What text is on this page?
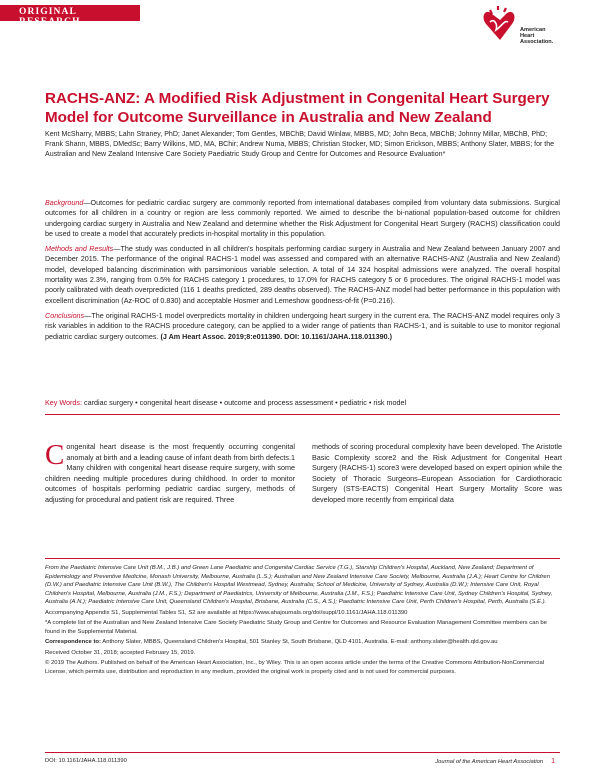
ORIGINAL RESEARCH
American
Heart
Association.
RACHS-ANZ: A Modified Risk Adjustment in Congenital Heart Surgery Model for Outcome Surveillance in Australia and New Zealand
Kent McSharry, MBBS; Lahn Straney, PhD; Janet Alexander; Tom Gentles, MBChB; David Winlaw, MBBS, MD; John Beca, MBChB; Johnny Millar, MBChB, PhD; Frank Shann, MBBS, DMedSc; Barry Wilkins, MD, MA, BChir; Andrew Numa, MBBS; Christian Stocker, MD; Simon Erickson, MBBS; Anthony Slater, MBBS; for the Australian and New Zealand Intensive Care Society Paediatric Study Group and Centre for Outcomes and Resource Evaluation*

Background—Outcomes for pediatric cardiac surgery are commonly reported from international databases compiled from voluntary data submissions. Surgical outcomes for all children in a country or region are less commonly reported. We aimed to describe the bi-national population-based outcome for children undergoing cardiac surgery in Australia and New Zealand and determine whether the Risk Adjustment for Congenital Heart Surgery (RACHS) classification could be used to create a model that accurately predicts in-hospital mortality in this population.

Methods and Results—The study was conducted in all children's hospitals performing cardiac surgery in Australia and New Zealand between January 2007 and December 2015. The performance of the original RACHS-1 model was assessed and compared with an alternative RACHS-ANZ (Australia and New Zealand) model, developed balancing discrimination with parsimonious variable selection. A total of 14 324 hospital admissions were analyzed. The overall hospital mortality was 2.3%, ranging from 0.5% for RACHS category 1 procedures, to 17.0% for RACHS category 5 or 6 procedures. The original RACHS-1 model was poorly calibrated with death overpredicted (116 1 deaths predicted, 289 deaths observed). The RACHS-ANZ model had better performance in this population with excellent discrimination (Az-ROC of 0.830) and acceptable Hosmer and Lemeshow goodness-of-fit (P=0.216).

Conclusions—The original RACHS-1 model overpredicts mortality in children undergoing heart surgery in the current era. The RACHS-ANZ model requires only 3 risk variables in addition to the RACHS procedure category, can be applied to a wider range of patients than RACHS-1, and is suitable to use to monitor regional pediatric cardiac surgery outcomes. (J Am Heart Assoc. 2019;8:e011390. DOI: 10.1161/JAHA.118.011390.)

Key Words: cardiac surgery • congenital heart disease • outcome and process assessment • pediatric • risk model
Congenital heart disease is the most frequently occurring congenital anomaly at birth and a leading cause of infant death from birth defects.1 Many children with congenital heart disease require surgery, with some children needing multiple procedures during childhood. In order to monitor outcomes of hospitals performing pediatric cardiac surgery, methods of adjusting for procedural and patient risk are required. Three
methods of scoring procedural complexity have been developed. The Aristotle Basic Complexity score2 and the Risk Adjustment for Congenital Heart Surgery (RACHS-1) score3 were developed based on expert opinion while the Society of Thoracic Surgeons–European Association for Cardiothoracic Surgery (STS-EACTS) Congenital Heart Surgery Mortality Score was developed more recently from empirical data

From the Paediatric Intensive Care Unit (B.M., J.B.) and Green Lane Paediatric and Congenital Cardiac Service (T.G.), Starship Children's Hospital, Auckland, New Zealand; Department of Epidemiology and Preventive Medicine, Monash University, Melbourne, Australia (L.S.); Australian and New Zealand Intensive Care Society, Melbourne, Australia (J.A.); Heart Centre for Children (D.W.) and Paediatric Intensive Care Unit (B.W.), The Children's Hospital Westmead, Sydney, Australia; School of Medicine, University of Sydney, Australia (D.W.); Intensive Care Unit, Royal Children's Hospital, Melbourne, Australia (J.M., F.S.); Department of Paediatrics, University of Melbourne, Australia (J.M., F.S.); Paediatric Intensive Care Unit, Sydney Children's Hospital, Sydney, Australia (A.N.); Paediatric Intensive Care Unit, Queensland Children's Hospital, Brisbane, Australia (C.S., A.S.); Paediatric Intensive Care Unit, Perth Children's Hospital, Perth, Australia (S.E.).

Accompanying Appendix S1, Supplemental Tables S1, S2 are available at https://www.ahajournals.org/doi/suppl/10.1161/JAHA.118.011390

*A complete list of the Australian and New Zealand Intensive Care Society Paediatric Study Group and Centre for Outcomes and Resource Evaluation Management Committee members can be found in the Supplemental Material.

Correspondence to: Anthony Slater, MBBS, Queensland Children's Hospital, 501 Stanley St, South Brisbane, QLD 4101, Australia. E-mail: anthony.slater@health.qld.gov.au

Received October 31, 2018; accepted February 15, 2019.

© 2019 The Authors. Published on behalf of the American Heart Association, Inc., by Wiley. This is an open access article under the terms of the Creative Commons Attribution-NonCommercial License, which permits use, distribution and reproduction in any medium, provided the original work is properly cited and is not used for commercial purposes.

DOI: 10.1161/JAHA.118.011390	Journal of the American Heart Association 1
